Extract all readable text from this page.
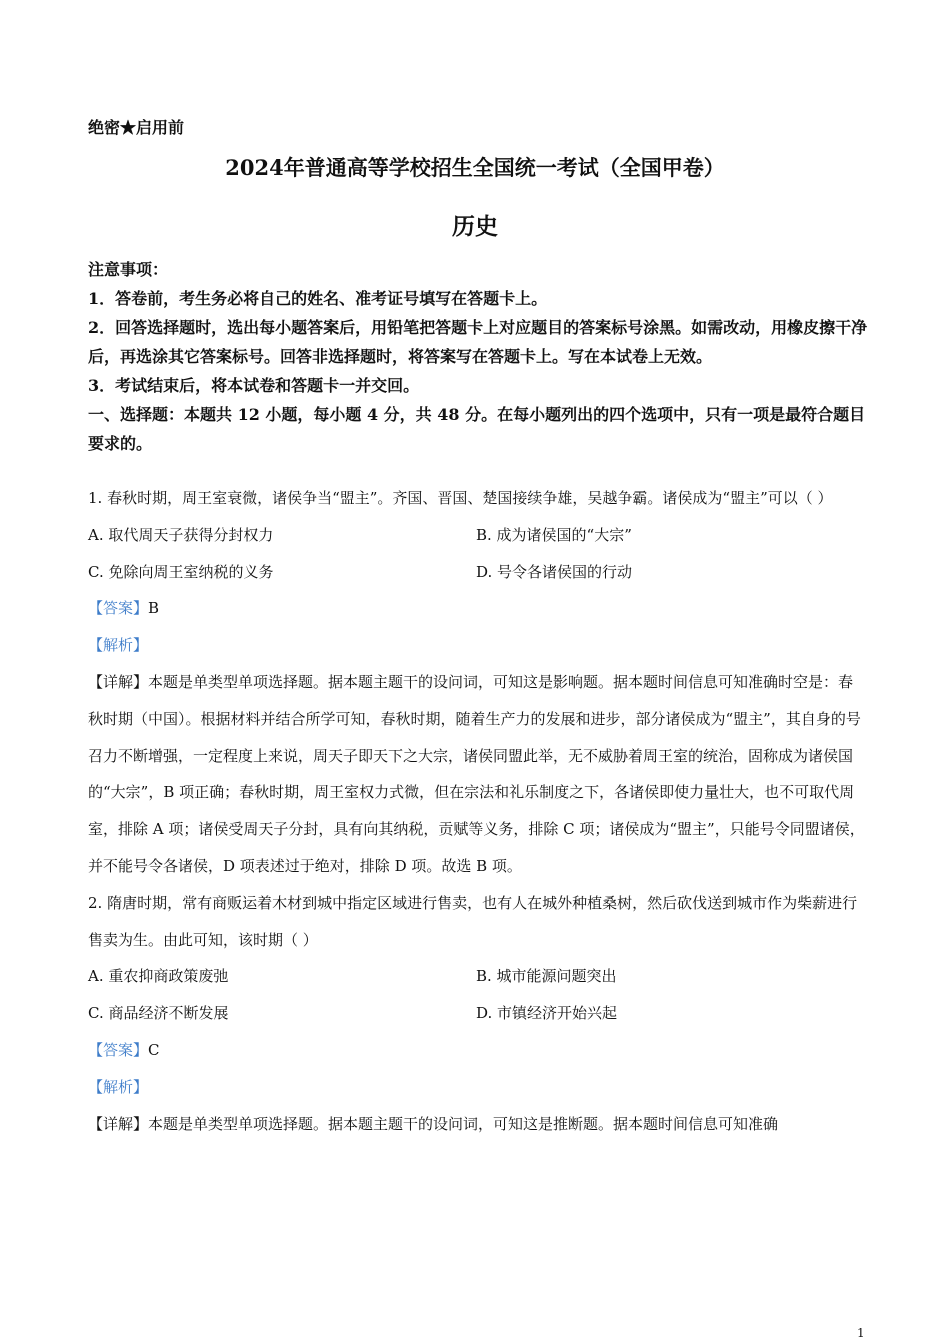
绝密★启用前
2024年普通高等学校招生全国统一考试（全国甲卷）
历史

注意事项：

1．答卷前，考生务必将自己的姓名、准考证号填写在答题卡上。

2．回答选择题时，选出每小题答案后，用铅笔把答题卡上对应题目的答案标号涂黑。如需改动，用橡皮擦干净后，再选涂其它答案标号。回答非选择题时，将答案写在答题卡上。写在本试卷上无效。

3．考试结束后，将本试卷和答题卡一并交回。

一、选择题：本题共 12 小题，每小题 4 分，共 48 分。在每小题列出的四个选项中，只有一项是最符合题目要求的。

1. 春秋时期，周王室衰微，诸侯争当“盟主”。齐国、晋国、楚国接续争雄，吴越争霸。诸侯成为“盟主”可以（ ）

A. 取代周天子获得分封权力	B. 成为诸侯国的“大宗”
C. 免除向周王室纳税的义务	D. 号令各诸侯国的行动

【答案】B

【解析】

【详解】本题是单类型单项选择题。据本题主题干的设问词，可知这是影响题。据本题时间信息可知准确时空是：春秋时期（中国）。根据材料并结合所学可知，春秋时期，随着生产力的发展和进步，部分诸侯成为“盟主”，其自身的号召力不断增强，一定程度上来说，周天子即天下之大宗，诸侯同盟此举，无不威胁着周王室的统治，固称成为诸侯国的“大宗”，B 项正确；春秋时期，周王室权力式微，但在宗法和礼乐制度之下，各诸侯即使力量壮大，也不可取代周室，排除 A 项；诸侯受周天子分封，具有向其纳税，贡赋等义务，排除 C 项；诸侯成为“盟主”，只能号令同盟诸侯，并不能号令各诸侯，D 项表述过于绝对，排除 D 项。故选 B 项。

2. 隋唐时期，常有商贩运着木材到城中指定区域进行售卖，也有人在城外种植桑树，然后砍伐送到城市作为柴薪进行售卖为生。由此可知，该时期（ ）

A. 重农抑商政策废弛	B. 城市能源问题突出
C. 商品经济不断发展	D. 市镇经济开始兴起

【答案】C

【解析】

【详解】本题是单类型单项选择题。据本题主题干的设问词，可知这是推断题。据本题时间信息可知准确

1
